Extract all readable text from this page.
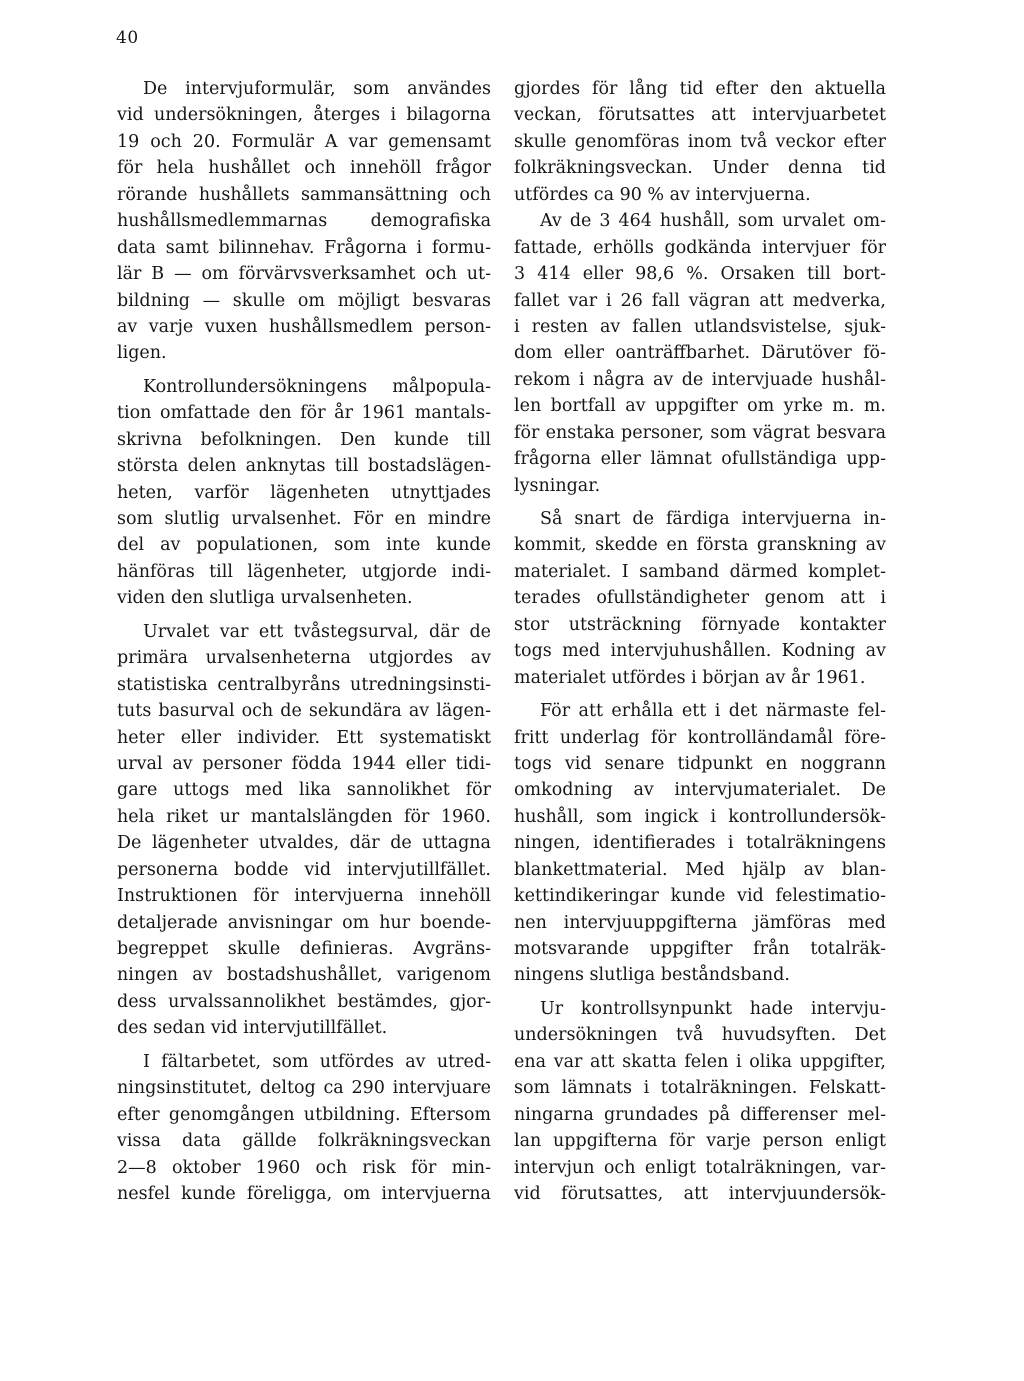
40
De intervjuformulär, som användes
vid undersökningen, återges i bilagorna
19 och 20. Formulär A var gemensamt
för hela hushållet och innehöll frågor
rörande hushållets sammansättning och
hushållsmedlemmarnas demografiska
data samt bilinnehav. Frågorna i formu-
lär B — om förvärvsverksamhet och ut-
bildning — skulle om möjligt besvaras
av varje vuxen hushållsmedlem person-
ligen.
Kontrollundersökningens målpopula-
tion omfattade den för år 1961 mantals-
skrivna befolkningen. Den kunde till
största delen anknytas till bostadslägen-
heten, varför lägenheten utnyttjades
som slutlig urvalsenhet. För en mindre
del av populationen, som inte kunde
hänföras till lägenheter, utgjorde indi-
viden den slutliga urvalsenheten.
Urvalet var ett tvåstegsurval, där de
primära urvalsenheterna utgjordes av
statistiska centralbyråns utredningsinsti-
tuts basurval och de sekundära av lägen-
heter eller individer. Ett systematiskt
urval av personer födda 1944 eller tidi-
gare uttogs med lika sannolikhet för
hela riket ur mantalslängden för 1960.
De lägenheter utvaldes, där de uttagna
personerna bodde vid intervjutillfället.
Instruktionen för intervjuerna innehöll
detaljerade anvisningar om hur boende-
begreppet skulle definieras. Avgräns-
ningen av bostadshushållet, varigenom
dess urvalssannolikhet bestämdes, gjor-
des sedan vid intervjutillfället.
I fältarbetet, som utfördes av utred-
ningsinstitutet, deltog ca 290 intervjuare
efter genomgången utbildning. Eftersom
vissa data gällde folkräkningsveckan
2—8 oktober 1960 och risk för min-
nesfel kunde föreligga, om intervjuerna
gjordes för lång tid efter den aktuella
veckan, förutsattes att intervjuarbetet
skulle genomföras inom två veckor efter
folkräkningsveckan. Under denna tid
utfördes ca 90 % av intervjuerna.
Av de 3 464 hushåll, som urvalet om-
fattade, erhölls godkända intervjuer för
3 414 eller 98,6 %. Orsaken till bort-
fallet var i 26 fall vägran att medverka,
i resten av fallen utlandsvistelse, sjuk-
dom eller oanträffbarhet. Därutöver fö-
rekom i några av de intervjuade hushål-
len bortfall av uppgifter om yrke m. m.
för enstaka personer, som vägrat besvara
frågorna eller lämnat ofullständiga upp-
lysningar.
Så snart de färdiga intervjuerna in-
kommit, skedde en första granskning av
materialet. I samband därmed komplet-
terades ofullständigheter genom att i
stor utsträckning förnyade kontakter
togs med intervjuhushållen. Kodning av
materialet utfördes i början av år 1961.
För att erhålla ett i det närmaste fel-
fritt underlag för kontrolländamål före-
togs vid senare tidpunkt en noggrann
omkodning av intervjumaterialet. De
hushåll, som ingick i kontrollundersök-
ningen, identifierades i totalräkningens
blankettmaterial. Med hjälp av blan-
kettindikeringar kunde vid felestimatio-
nen intervjuuppgifterna jämföras med
motsvarande uppgifter från totalräk-
ningens slutliga beståndsband.
Ur kontrollsynpunkt hade intervju-
undersökningen två huvudsyften. Det
ena var att skatta felen i olika uppgifter,
som lämnats i totalräkningen. Felskatt-
ningarna grundades på differenser mel-
lan uppgifterna för varje person enligt
intervjun och enligt totalräkningen, var-
vid förutsattes, att intervjuundersök-
